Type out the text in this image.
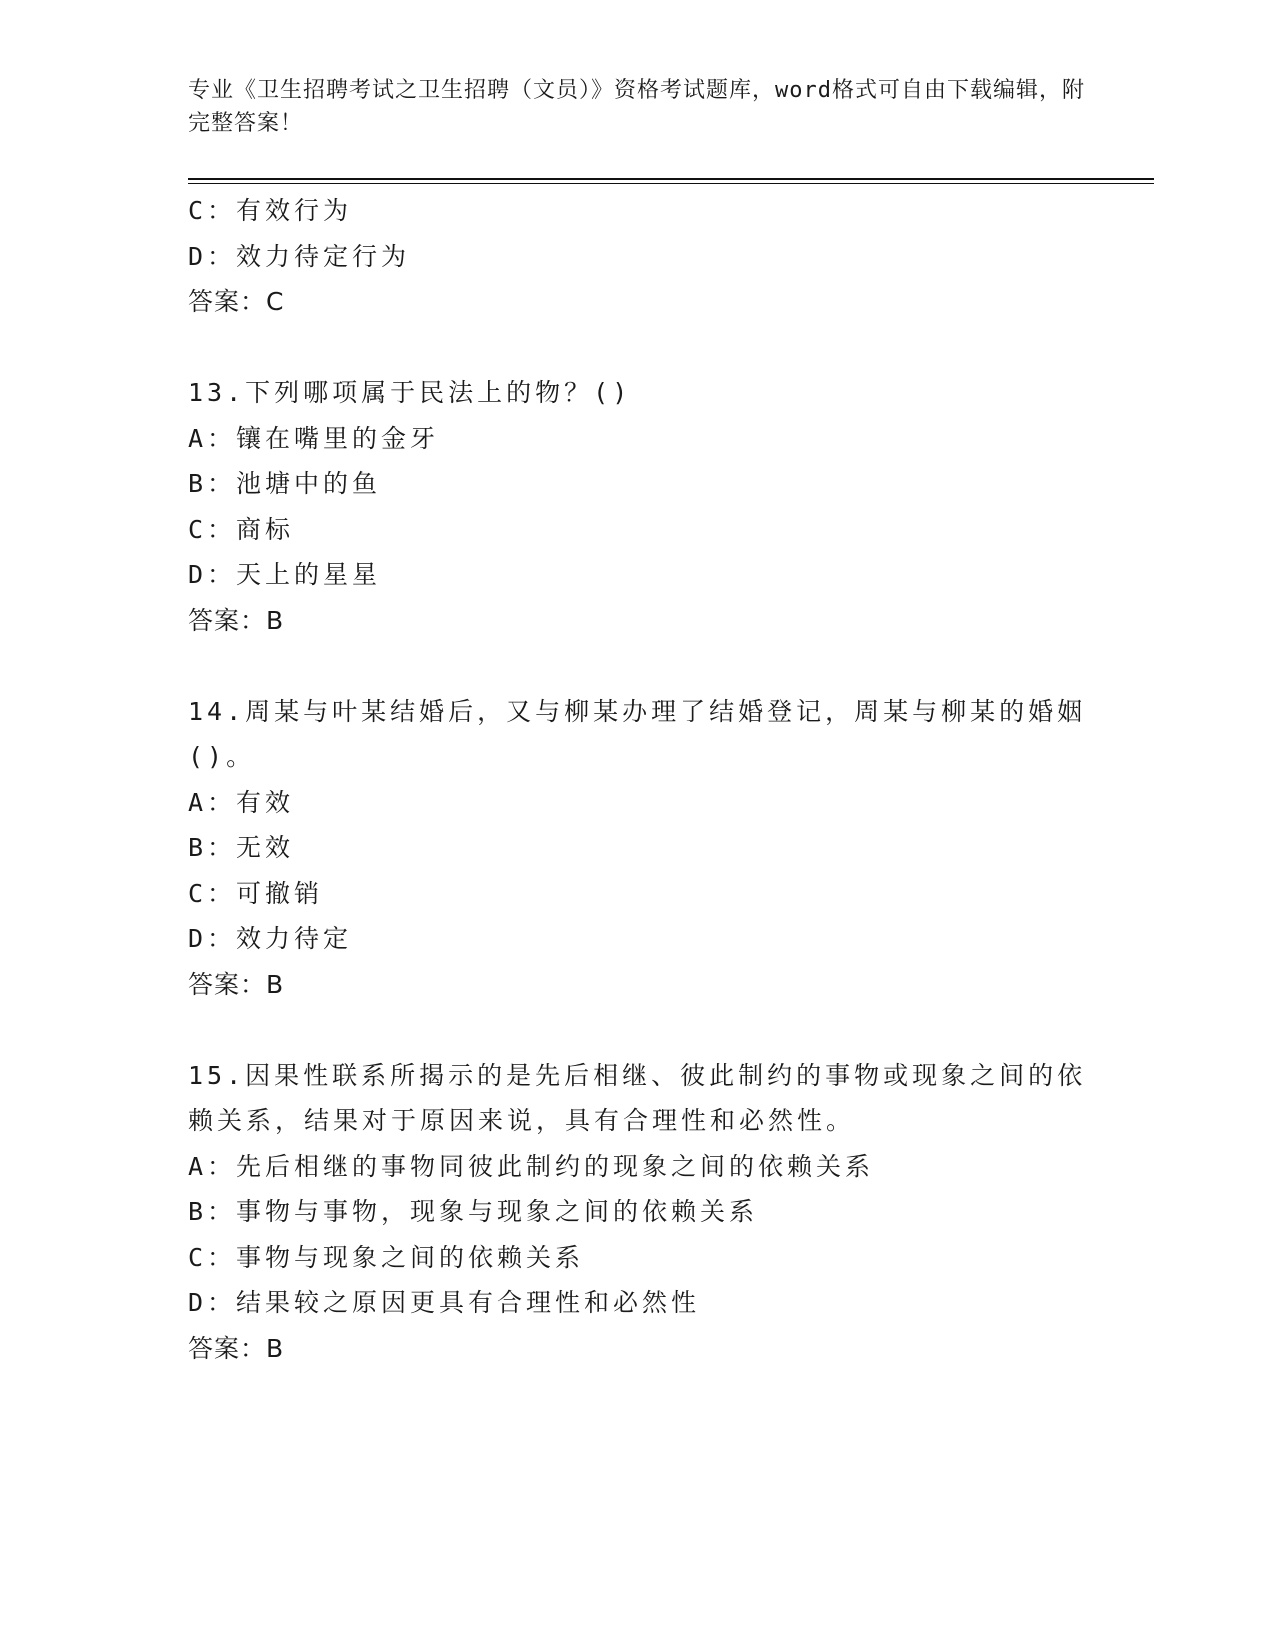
专业《卫生招聘考试之卫生招聘（文员）》资格考试题库，word格式可自由下载编辑，附完整答案！
C：有效行为
D：效力待定行为
答案：C
13.下列哪项属于民法上的物？()
A：镶在嘴里的金牙
B：池塘中的鱼
C：商标
D：天上的星星
答案：B
14.周某与叶某结婚后，又与柳某办理了结婚登记，周某与柳某的婚姻
()。
A：有效
B：无效
C：可撤销
D：效力待定
答案：B
15.因果性联系所揭示的是先后相继、彼此制约的事物或现象之间的依
赖关系，结果对于原因来说，具有合理性和必然性。
A：先后相继的事物同彼此制约的现象之间的依赖关系
B：事物与事物，现象与现象之间的依赖关系
C：事物与现象之间的依赖关系
D：结果较之原因更具有合理性和必然性
答案：B
